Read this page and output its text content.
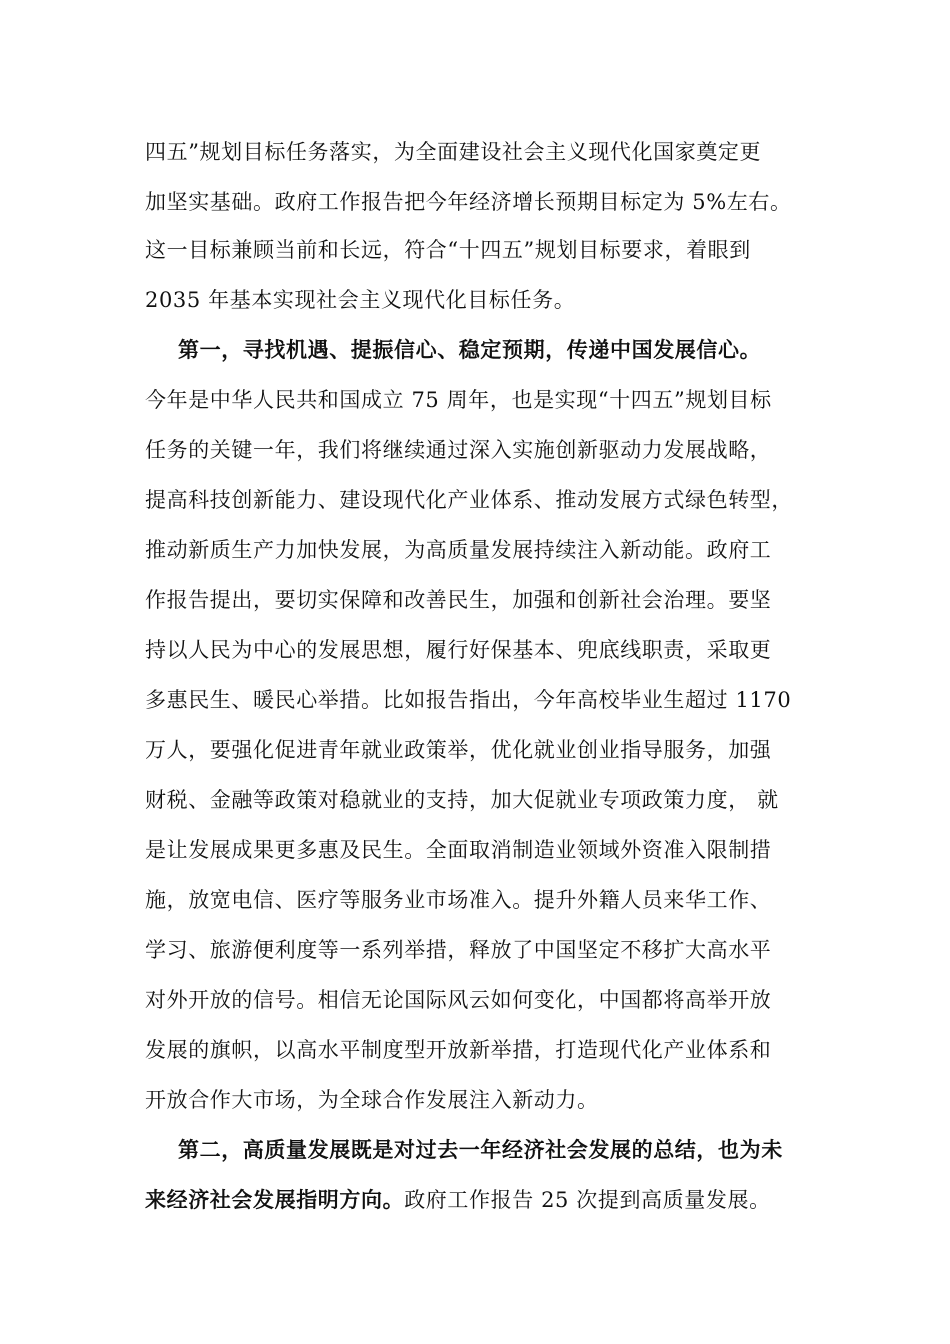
四五”规划目标任务落实，为全面建设社会主义现代化国家奠定更
加坚实基础。政府工作报告把今年经济增长预期目标定为 5%左右。
这一目标兼顾当前和长远，符合“十四五”规划目标要求，着眼到
2035 年基本实现社会主义现代化目标任务。
第一，寻找机遇、提振信心、稳定预期，传递中国发展信心。
今年是中华人民共和国成立 75 周年，也是实现“十四五”规划目标
任务的关键一年，我们将继续通过深入实施创新驱动力发展战略，
提高科技创新能力、建设现代化产业体系、推动发展方式绿色转型，
推动新质生产力加快发展，为高质量发展持续注入新动能。政府工
作报告提出，要切实保障和改善民生，加强和创新社会治理。要坚
持以人民为中心的发展思想，履行好保基本、兜底线职责，采取更
多惠民生、暖民心举措。比如报告指出，今年高校毕业生超过 1170
万人，要强化促进青年就业政策举，优化就业创业指导服务，加强
财税、金融等政策对稳就业的支持，加大促就业专项政策力度， 就
是让发展成果更多惠及民生。全面取消制造业领域外资准入限制措
施，放宽电信、医疗等服务业市场准入。提升外籍人员来华工作、
学习、旅游便利度等一系列举措，释放了中国坚定不移扩大高水平
对外开放的信号。相信无论国际风云如何变化，中国都将高举开放
发展的旗帜，以高水平制度型开放新举措，打造现代化产业体系和
开放合作大市场，为全球合作发展注入新动力。
第二，高质量发展既是对过去一年经济社会发展的总结，也为未
来经济社会发展指明方向。政府工作报告 25 次提到高质量发展。
